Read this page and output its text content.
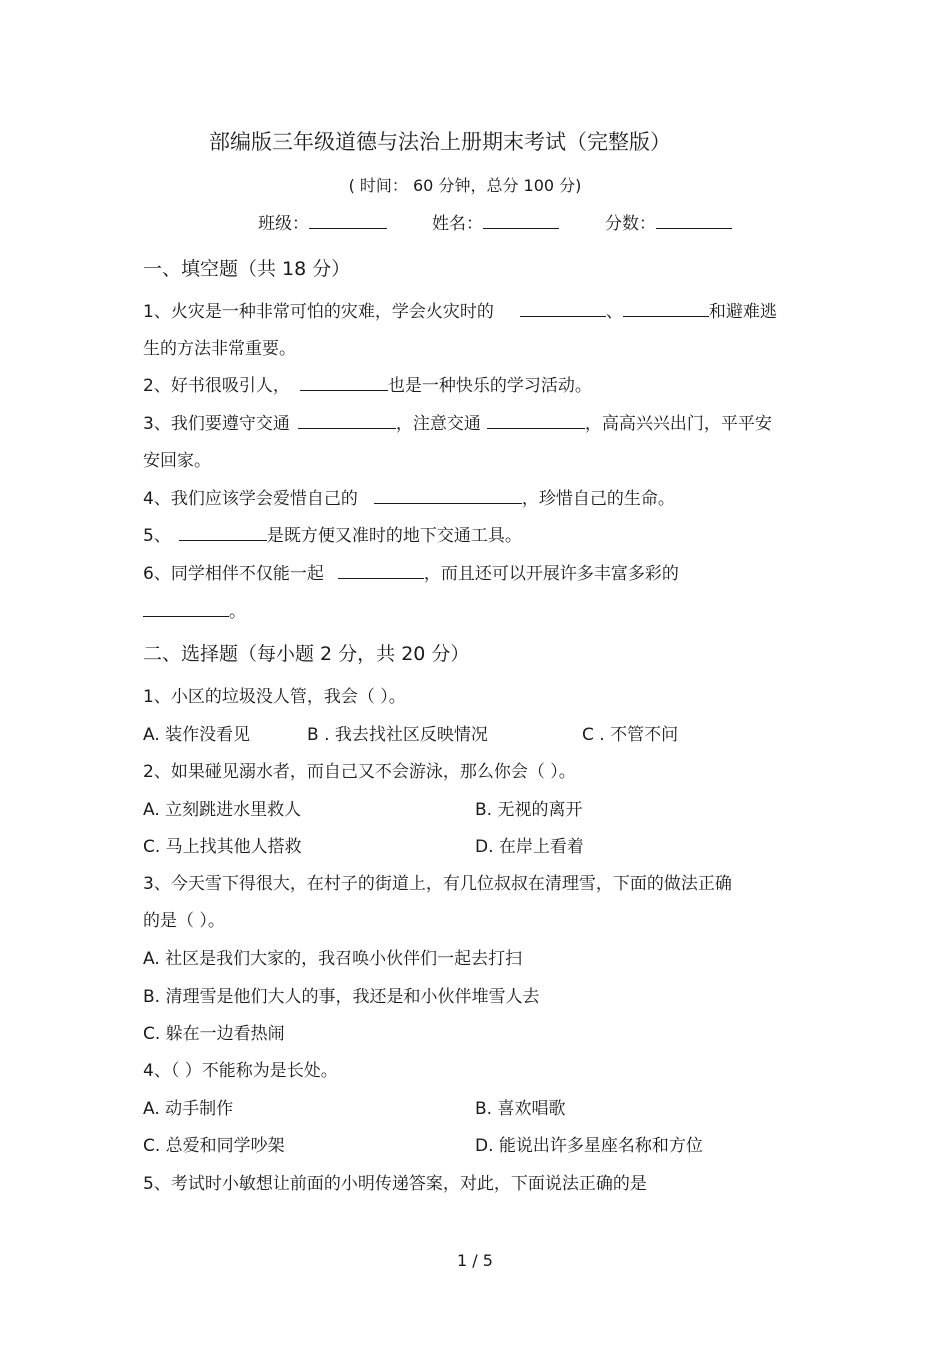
部编版三年级道德与法治上册期末考试（完整版）
( 时间： 60 分钟，总分 100 分)
班级：	姓名：	分数：
一、填空题（共 18 分）
1、火灾是一种非常可怕的灾难，学会火灾时的	、	和避难逃
生的方法非常重要。
2、好书很吸引人，	也是一种快乐的学习活动。
3、我们要遵守交通	，注意交通	，高高兴兴出门，平平安
安回家。
4、我们应该学会爱惜自己的	，珍惜自己的生命。
5、	是既方便又准时的地下交通工具。
6、同学相伴不仅能一起	，而且还可以开展许多丰富多彩的
。
二、选择题（每小题 2 分，共 20 分）
1、小区的垃圾没人管，我会（ ）。
A. 装作没看见	B . 我去找社区反映情况	C . 不管不问
2、如果碰见溺水者，而自己又不会游泳，那么你会（ ）。
A. 立刻跳进水里救人	B. 无视的离开
C. 马上找其他人搭救	D. 在岸上看着
3、今天雪下得很大，在村子的街道上，有几位叔叔在清理雪，下面的做法正确
的是（ ）。
A. 社区是我们大家的，我召唤小伙伴们一起去打扫
B. 清理雪是他们大人的事，我还是和小伙伴堆雪人去
C. 躲在一边看热闹
4、（ ）不能称为是长处。
A. 动手制作	B. 喜欢唱歌
C. 总爱和同学吵架	D. 能说出许多星座名称和方位
5、考试时小敏想让前面的小明传递答案，对此，下面说法正确的是
1 / 5
